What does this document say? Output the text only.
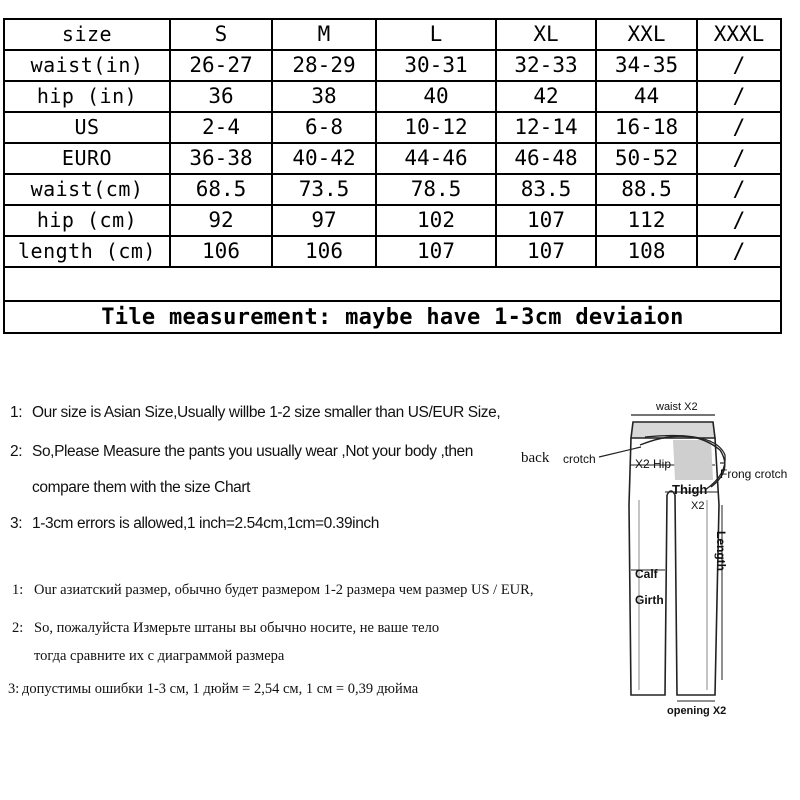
size	S	M	L	XL	XXL	XXXL
waist(in)	26-27	28-29	30-31	32-33	34-35	/
hip (in)	36	38	40	42	44	/
US	2-4	6-8	10-12	12-14	16-18	/
EURO	36-38	40-42	44-46	46-48	50-52	/
waist(cm)	68.5	73.5	78.5	83.5	88.5	/
hip (cm)	92	97	102	107	112	/
length (cm)	106	106	107	107	108	/

Tile measurement: maybe have 1-3cm deviaion						
1: Our size is Asian Size,Usually willbe 1-2 size smaller than US/EUR Size,
2: So,Please Measure the pants you usually wear ,Not your body ,then
compare them with the size Chart
3: 1-3cm errors is allowed,1 inch=2.54cm,1cm=0.39inch
1: Our азиатский размер, обычно будет размером 1-2 размера чем размер US / EUR,
2: So, пожалуйста Измерьте штаны вы обычно носите, не ваше тело
тогда сравните их с диаграммой размера
3: допустимы ошибки 1-3 см, 1 дюйм = 2,54 см, 1 см = 0,39 дюйма
waist X2
back crotch	X2 Hip
Thigh
X2
Frong crotch
Length
Calf
Girth
opening X2
